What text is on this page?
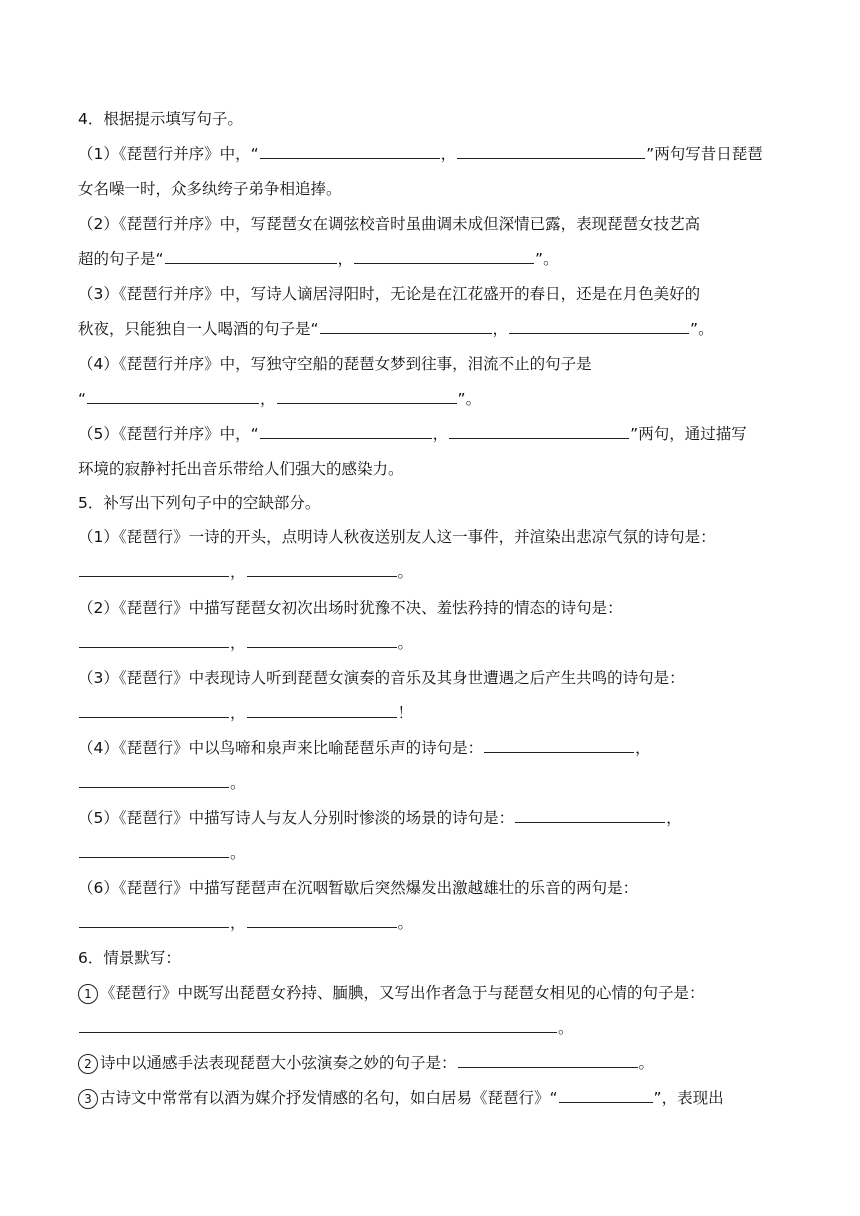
4．根据提示填写句子。
（1）《琵琶行并序》中，“	，	”两句写昔日琵琶
女名噪一时，众多纨绔子弟争相追捧。
（2）《琵琶行并序》中，写琵琶女在调弦校音时虽曲调未成但深情已露，表现琵琶女技艺高
超的句子是“	，	”。
（3）《琵琶行并序》中，写诗人谪居浔阳时，无论是在江花盛开的春日，还是在月色美好的
秋夜，只能独自一人喝酒的句子是“	，	”。
（4）《琵琶行并序》中，写独守空船的琵琶女梦到往事，泪流不止的句子是
“	，	”。
（5）《琵琶行并序》中，“	，	”两句，通过描写
环境的寂静衬托出音乐带给人们强大的感染力。
5．补写出下列句子中的空缺部分。
（1）《琵琶行》一诗的开头，点明诗人秋夜送别友人这一事件，并渲染出悲凉气氛的诗句是：
，	。
（2）《琵琶行》中描写琵琶女初次出场时犹豫不决、羞怯矜持的情态的诗句是：
，	。
（3）《琵琶行》中表现诗人听到琵琶女演奏的音乐及其身世遭遇之后产生共鸣的诗句是：
，	！
（4）《琵琶行》中以鸟啼和泉声来比喻琵琶乐声的诗句是：	，
。
（5）《琵琶行》中描写诗人与友人分别时惨淡的场景的诗句是：	，
。
（6）《琵琶行》中描写琵琶声在沉咽暂歇后突然爆发出激越雄壮的乐音的两句是：
，	。
6．情景默写：
1 《琵琶行》中既写出琵琶女矜持、腼腆，又写出作者急于与琵琶女相见的心情的句子是：
。
2 诗中以通感手法表现琵琶大小弦演奏之妙的句子是：	。
3 古诗文中常常有以酒为媒介抒发情感的名句，如白居易《琵琶行》“	”，表现出
